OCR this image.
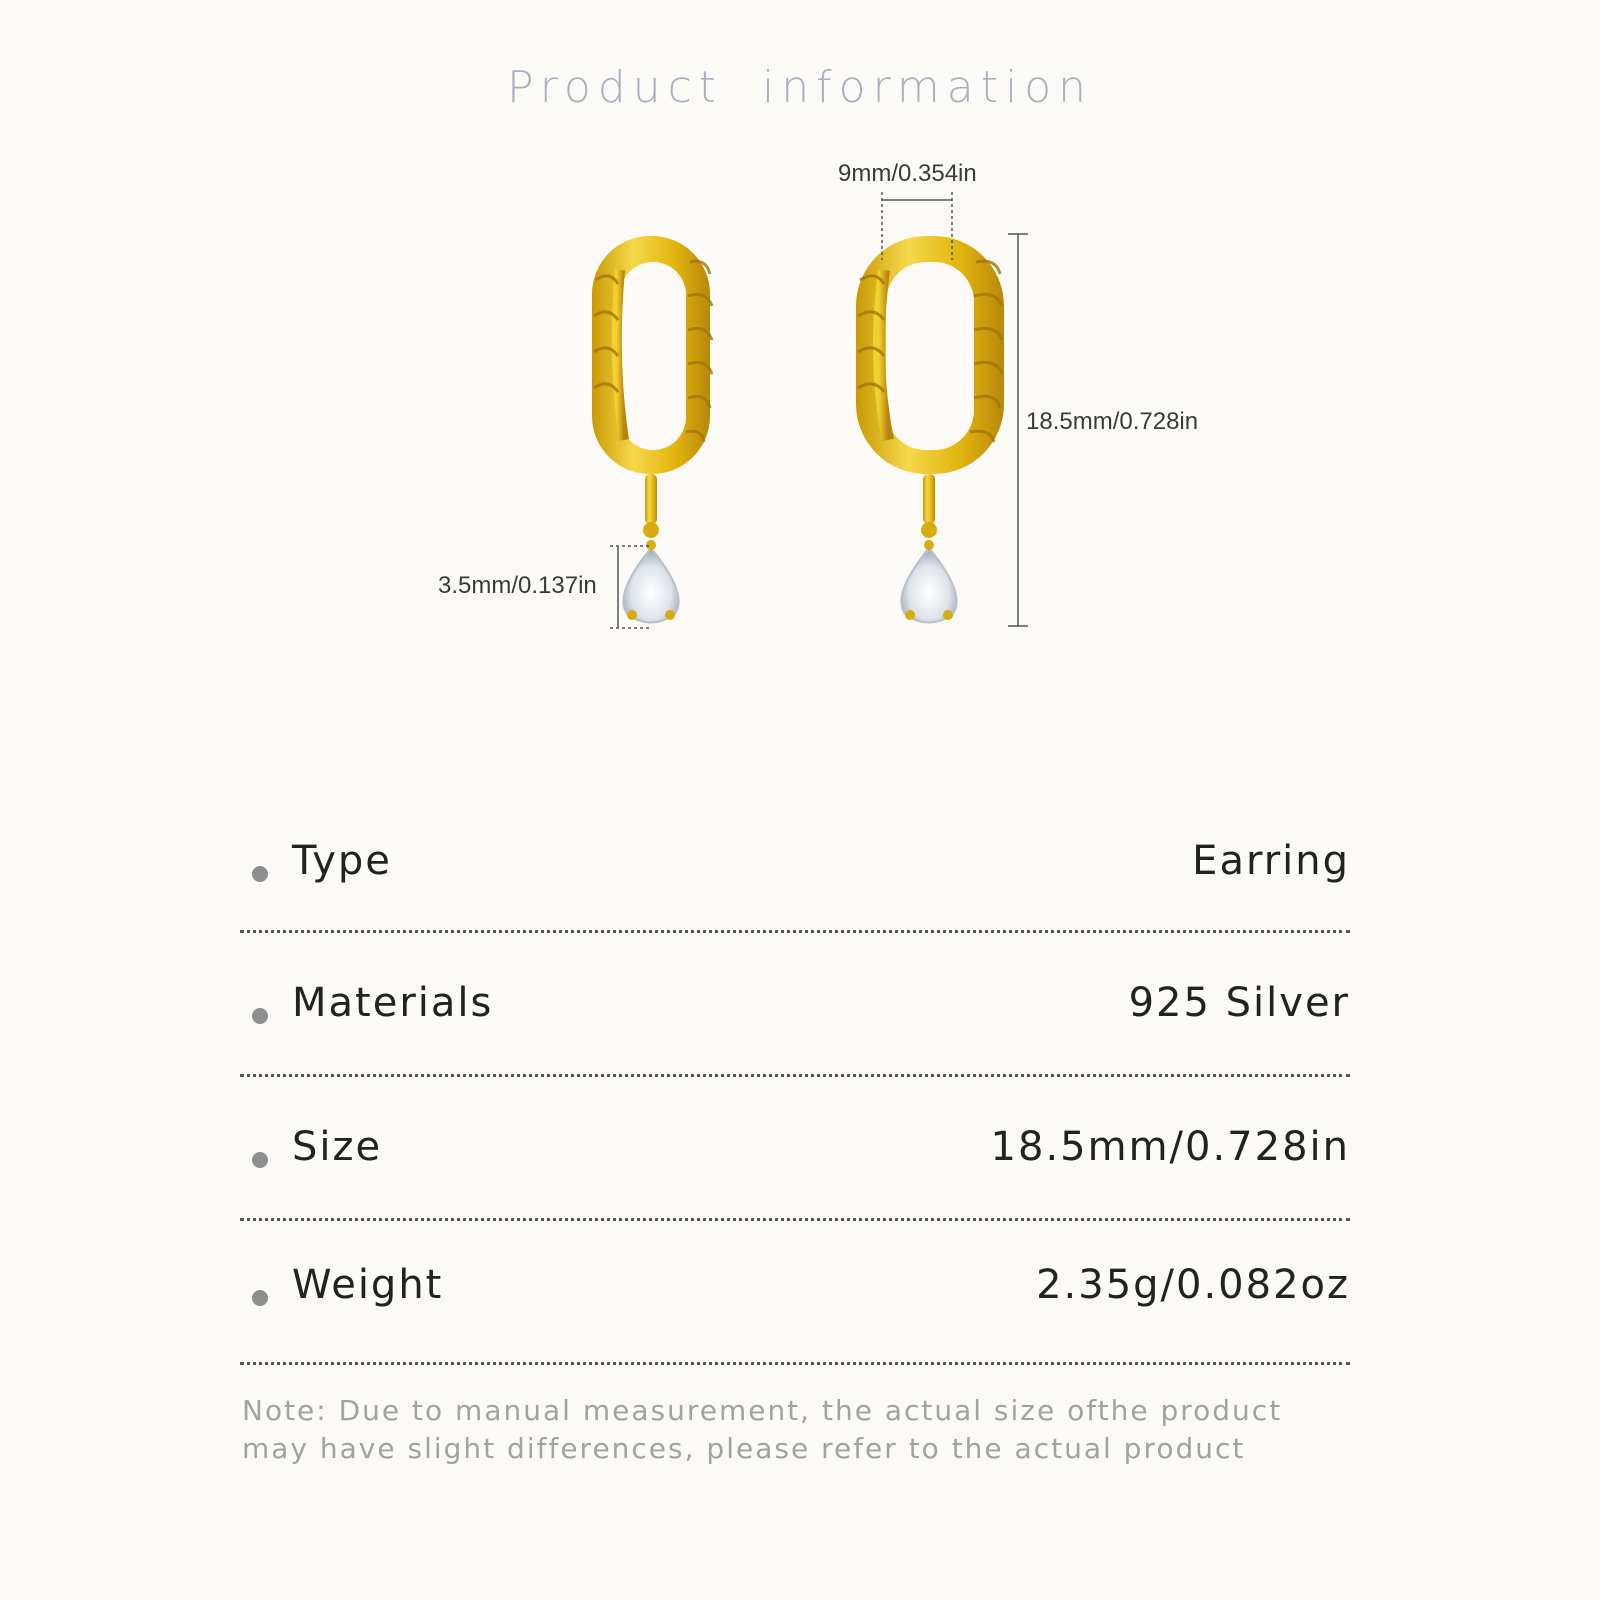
Product information
9mm/0.354in
18.5mm/0.728in
3.5mm/0.137in
Type	Earring
Materials	925 Silver
Size	18.5mm/0.728in
Weight	2.35g/0.082oz
Note: Due to manual measurement, the actual size ofthe product
may have slight differences, please refer to the actual product
